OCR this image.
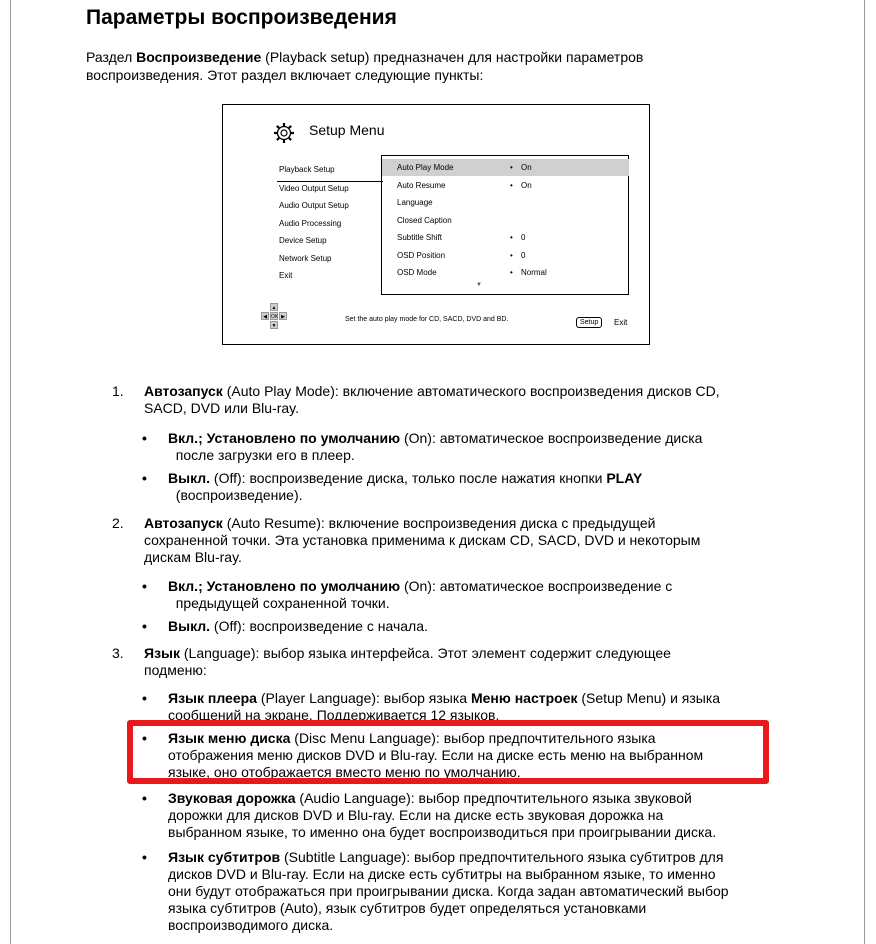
Параметры воспроизведения

Раздел Воспроизведение (Playback setup) предназначен для настройки параметров
воспроизведения. Этот раздел включает следующие пункты:

Setup Menu
Playback Setup
Video Output Setup
Audio Output Setup
Audio Processing
Device Setup
Network Setup
Exit
Auto Play Mode	• On
Auto Resume	• On
Language
Closed Caption
Subtitle Shift	• 0
OSD Position	• 0
OSD Mode	• Normal
▼
▲
◀ OK ▶
▼
Set the auto play mode for CD, SACD, DVD and BD.	Setup	Exit
1. Автозапуск (Auto Play Mode): включение автоматического воспроизведения дисков CD,
SACD, DVD или Blu-ray.

• Вкл.; Установлено по умолчанию (On): автоматическое воспроизведение диска
после загрузки его в плеер.

• Выкл. (Off): воспроизведение диска, только после нажатия кнопки PLAY
(воспроизведение).

2. Автозапуск (Auto Resume): включение воспроизведения диска с предыдущей
сохраненной точки. Эта установка применима к дискам CD, SACD, DVD и некоторым
дискам Blu-ray.

• Вкл.; Установлено по умолчанию (On): автоматическое воспроизведение с
предыдущей сохраненной точки.

• Выкл. (Off): воспроизведение с начала.

3. Язык (Language): выбор языка интерфейса. Этот элемент содержит следующее
подменю:

• Язык плеера (Player Language): выбор языка Меню настроек (Setup Menu) и языка
сообщений на экране. Поддерживается 12 языков.

• Язык меню диска (Disc Menu Language): выбор предпочтительного языка
отображения меню дисков DVD и Blu-ray. Если на диске есть меню на выбранном
языке, оно отображается вместо меню по умолчанию.

• Звуковая дорожка (Audio Language): выбор предпочтительного языка звуковой
дорожки для дисков DVD и Blu-ray. Если на диске есть звуковая дорожка на
выбранном языке, то именно она будет воспроизводиться при проигрывании диска.

• Язык субтитров (Subtitle Language): выбор предпочтительного языка субтитров для
дисков DVD и Blu-ray. Если на диске есть субтитры на выбранном языке, то именно
они будут отображаться при проигрывании диска. Когда задан автоматический выбор
языка субтитров (Auto), язык субтитров будет определяться установками
воспроизводимого диска.
